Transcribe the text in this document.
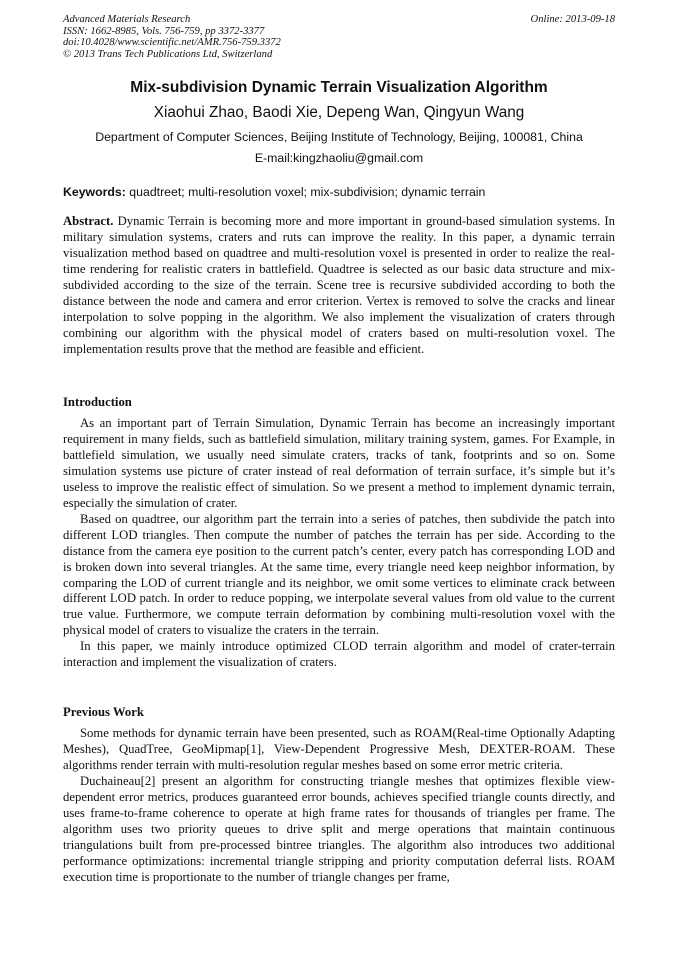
Advanced Materials Research
ISSN: 1662-8985, Vols. 756-759, pp 3372-3377
doi:10.4028/www.scientific.net/AMR.756-759.3372
© 2013 Trans Tech Publications Ltd, Switzerland
Online: 2013-09-18
Mix-subdivision Dynamic Terrain Visualization Algorithm
Xiaohui Zhao, Baodi Xie, Depeng Wan, Qingyun Wang
Department of Computer Sciences, Beijing Institute of Technology, Beijing, 100081, China
E-mail:kingzhaoliu@gmail.com
Keywords: quadtreet; multi-resolution voxel; mix-subdivision; dynamic terrain

Abstract. Dynamic Terrain is becoming more and more important in ground-based simulation systems. In military simulation systems, craters and ruts can improve the reality. In this paper, a dynamic terrain visualization method based on quadtree and multi-resolution voxel is presented in order to realize the real-time rendering for realistic craters in battlefield. Quadtree is selected as our basic data structure and mix-subdivided according to the size of the terrain. Scene tree is recursive subdivided according to both the distance between the node and camera and error criterion. Vertex is removed to solve the cracks and linear interpolation to solve popping in the algorithm. We also implement the visualization of craters through combining our algorithm with the physical model of craters based on multi-resolution voxel. The implementation results prove that the method are feasible and efficient.

Introduction

As an important part of Terrain Simulation, Dynamic Terrain has become an increasingly important requirement in many fields, such as battlefield simulation, military training system, games. For Example, in battlefield simulation, we usually need simulate craters, tracks of tank, footprints and so on. Some simulation systems use picture of crater instead of real deformation of terrain surface, it’s simple but it’s useless to improve the realistic effect of simulation. So we present a method to implement dynamic terrain, especially the simulation of crater.

Based on quadtree, our algorithm part the terrain into a series of patches, then subdivide the patch into different LOD triangles. Then compute the number of patches the terrain has per side. According to the distance from the camera eye position to the current patch’s center, every patch has corresponding LOD and is broken down into several triangles. At the same time, every triangle need keep neighbor information, by comparing the LOD of current triangle and its neighbor, we omit some vertices to eliminate crack between different LOD patch. In order to reduce popping, we interpolate several values from old value to the current true value. Furthermore, we compute terrain deformation by combining multi-resolution voxel with the physical model of craters to visualize the craters in the terrain.

In this paper, we mainly introduce optimized CLOD terrain algorithm and model of crater-terrain interaction and implement the visualization of craters.

Previous Work

Some methods for dynamic terrain have been presented, such as ROAM(Real-time Optionally Adapting Meshes), QuadTree, GeoMipmap[1], View-Dependent Progressive Mesh, DEXTER-ROAM. These algorithms render terrain with multi-resolution regular meshes based on some error metric criteria.

Duchaineau[2] present an algorithm for constructing triangle meshes that optimizes flexible view-dependent error metrics, produces guaranteed error bounds, achieves specified triangle counts directly, and uses frame-to-frame coherence to operate at high frame rates for thousands of triangles per frame. The algorithm uses two priority queues to drive split and merge operations that maintain continuous triangulations built from pre-processed bintree triangles. The algorithm also introduces two additional performance optimizations: incremental triangle stripping and priority computation deferral lists. ROAM execution time is proportionate to the number of triangle changes per frame,
